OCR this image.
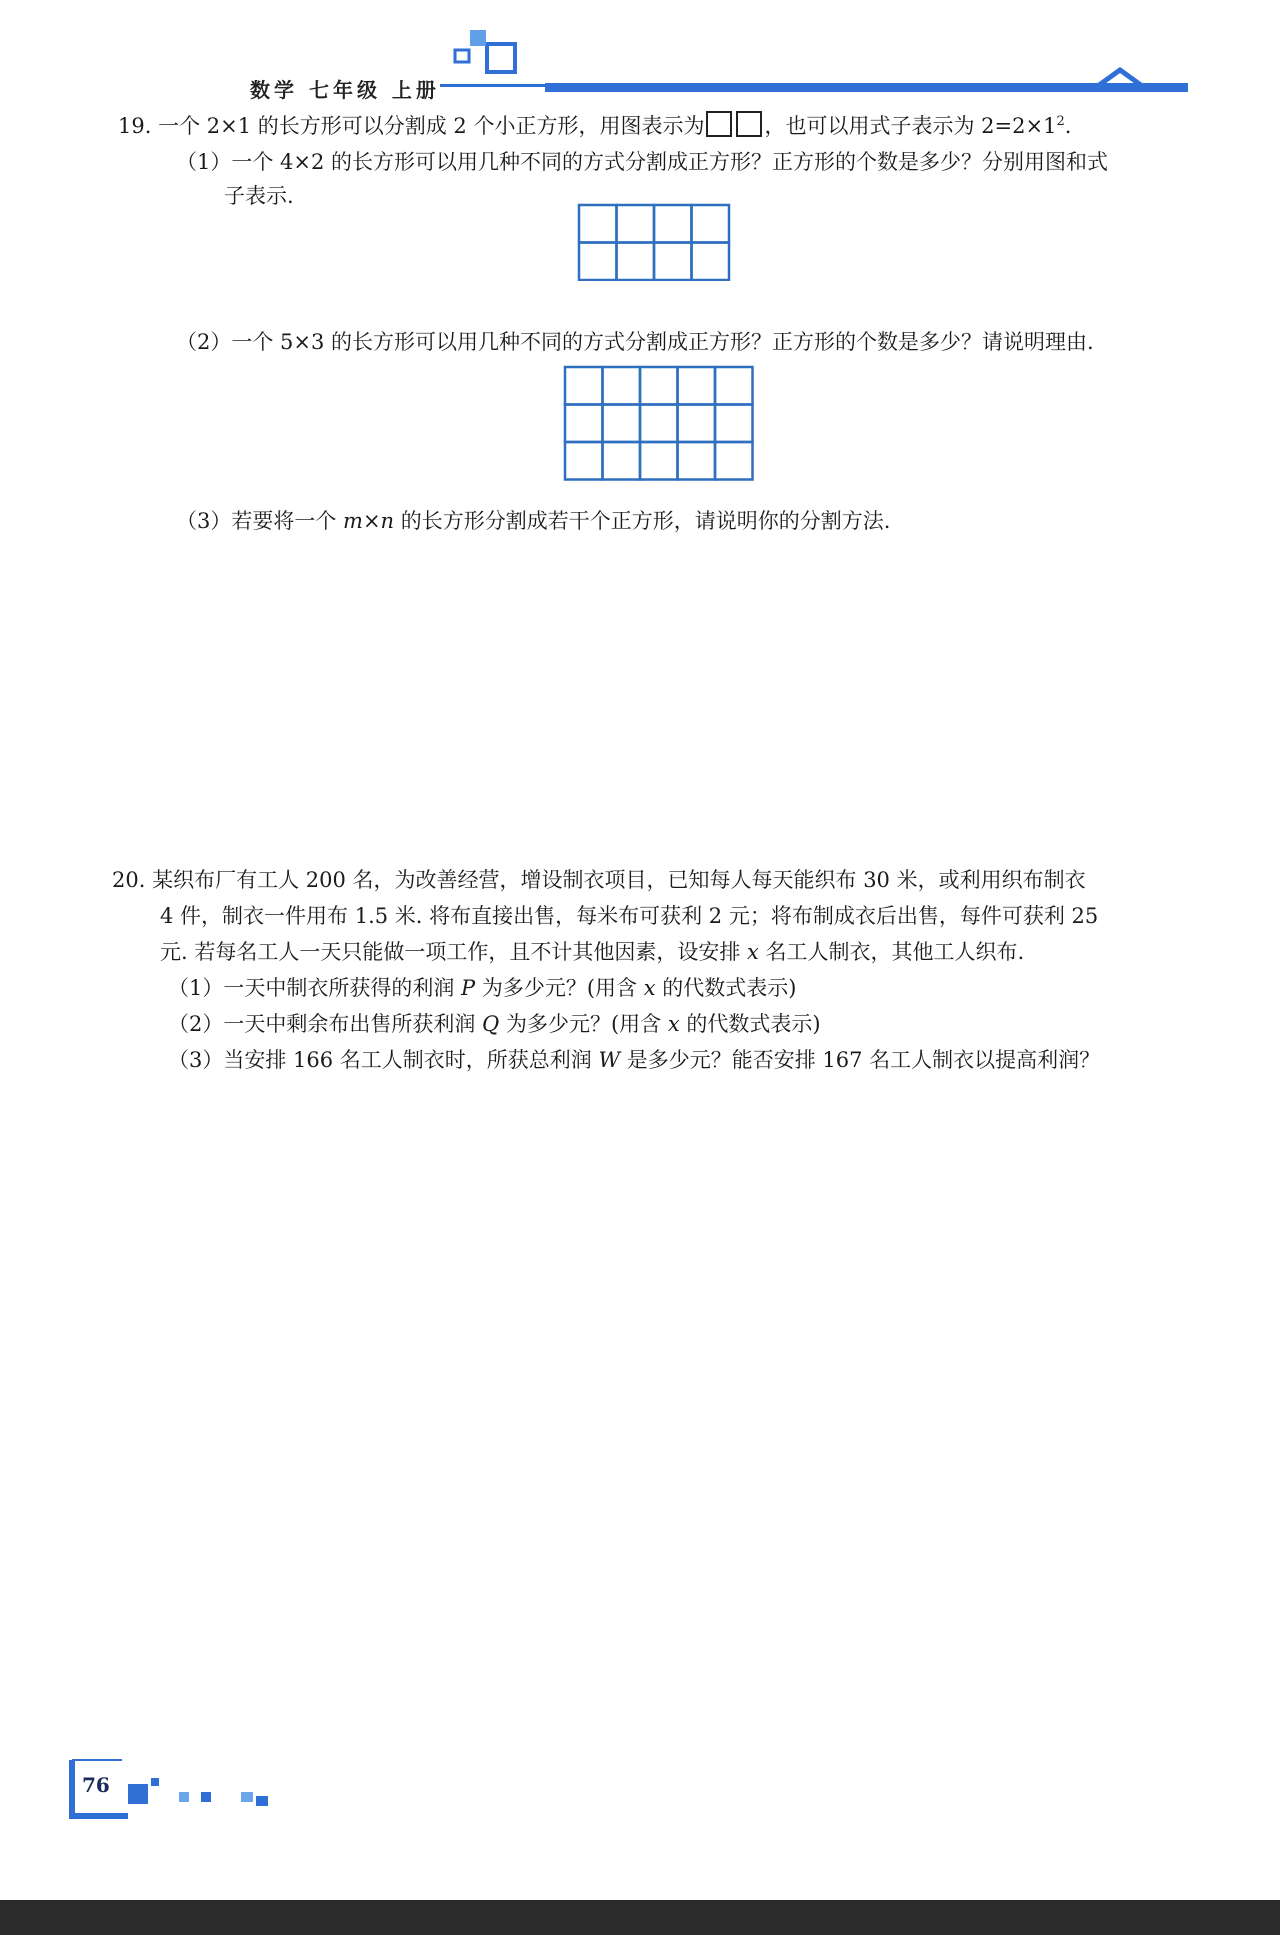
数学 七年级 上册
19. 一个 2×1 的长方形可以分割成 2 个小正方形，用图表示为	，也可以用式子表示为 $2=2\times 1^2$.
（1）一个 4×2 的长方形可以用几种不同的方式分割成正方形？正方形的个数是多少？分别用图和式
子表示.
（2）一个 5×3 的长方形可以用几种不同的方式分割成正方形？正方形的个数是多少？请说明理由.
（3）若要将一个 m×n 的长方形分割成若干个正方形，请说明你的分割方法.
20. 某织布厂有工人 200 名，为改善经营，增设制衣项目，已知每人每天能织布 30 米，或利用织布制衣
4 件，制衣一件用布 1.5 米. 将布直接出售，每米布可获利 2 元；将布制成衣后出售，每件可获利 25
元. 若每名工人一天只能做一项工作，且不计其他因素，设安排 x 名工人制衣，其他工人织布.
（1）一天中制衣所获得的利润 P 为多少元？(用含 x 的代数式表示)
（2）一天中剩余布出售所获利润 Q 为多少元？(用含 x 的代数式表示)
（3）当安排 166 名工人制衣时，所获总利润 W 是多少元？能否安排 167 名工人制衣以提高利润？
76
